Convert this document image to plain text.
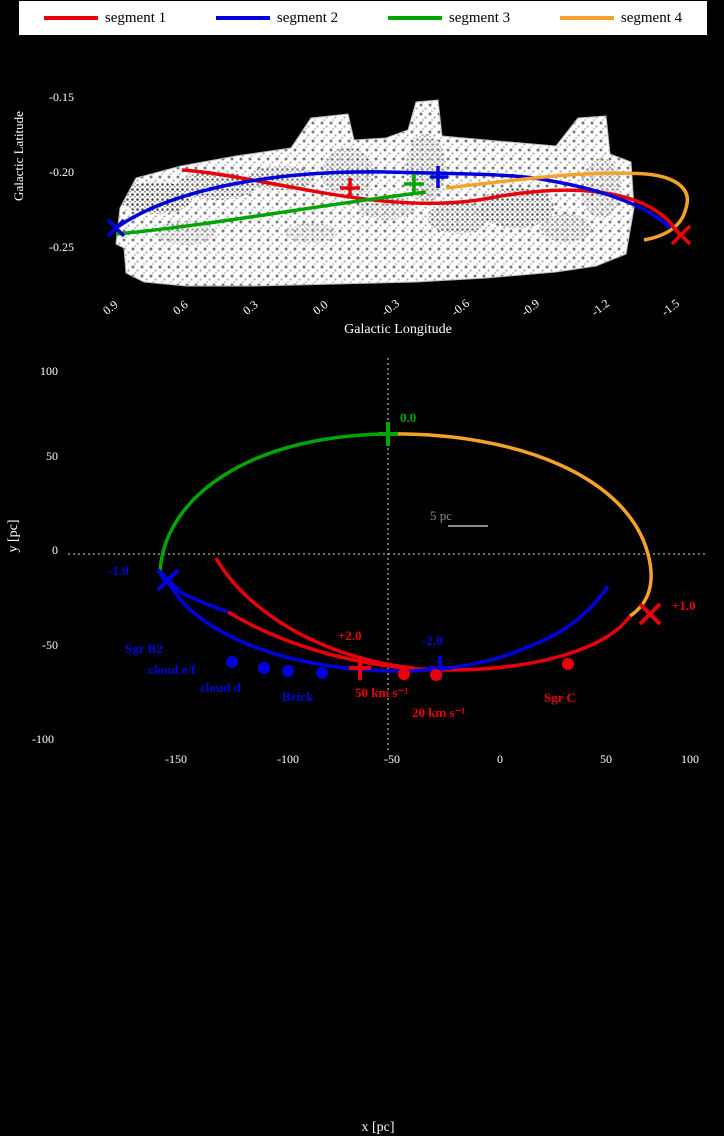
segment 1	segment 2	segment 3	segment 4
Galactic Latitude
Galactic Longitude
-0.15
-0.20
-0.25
0.9	0.6	0.3	0.0	-0.3	-0.6	-0.9	-1.2	-1.5
y [pc]
100
50
0
-50
-100
-150	-100	-50	0	50	100
0.0
-1.0
+1.0
+2.0	-2.0
Sgr B2
cloud e/f
cloud d
Brick	50 km s⁻¹
20 km s⁻¹
Sgr C
5 pc
x [pc]
